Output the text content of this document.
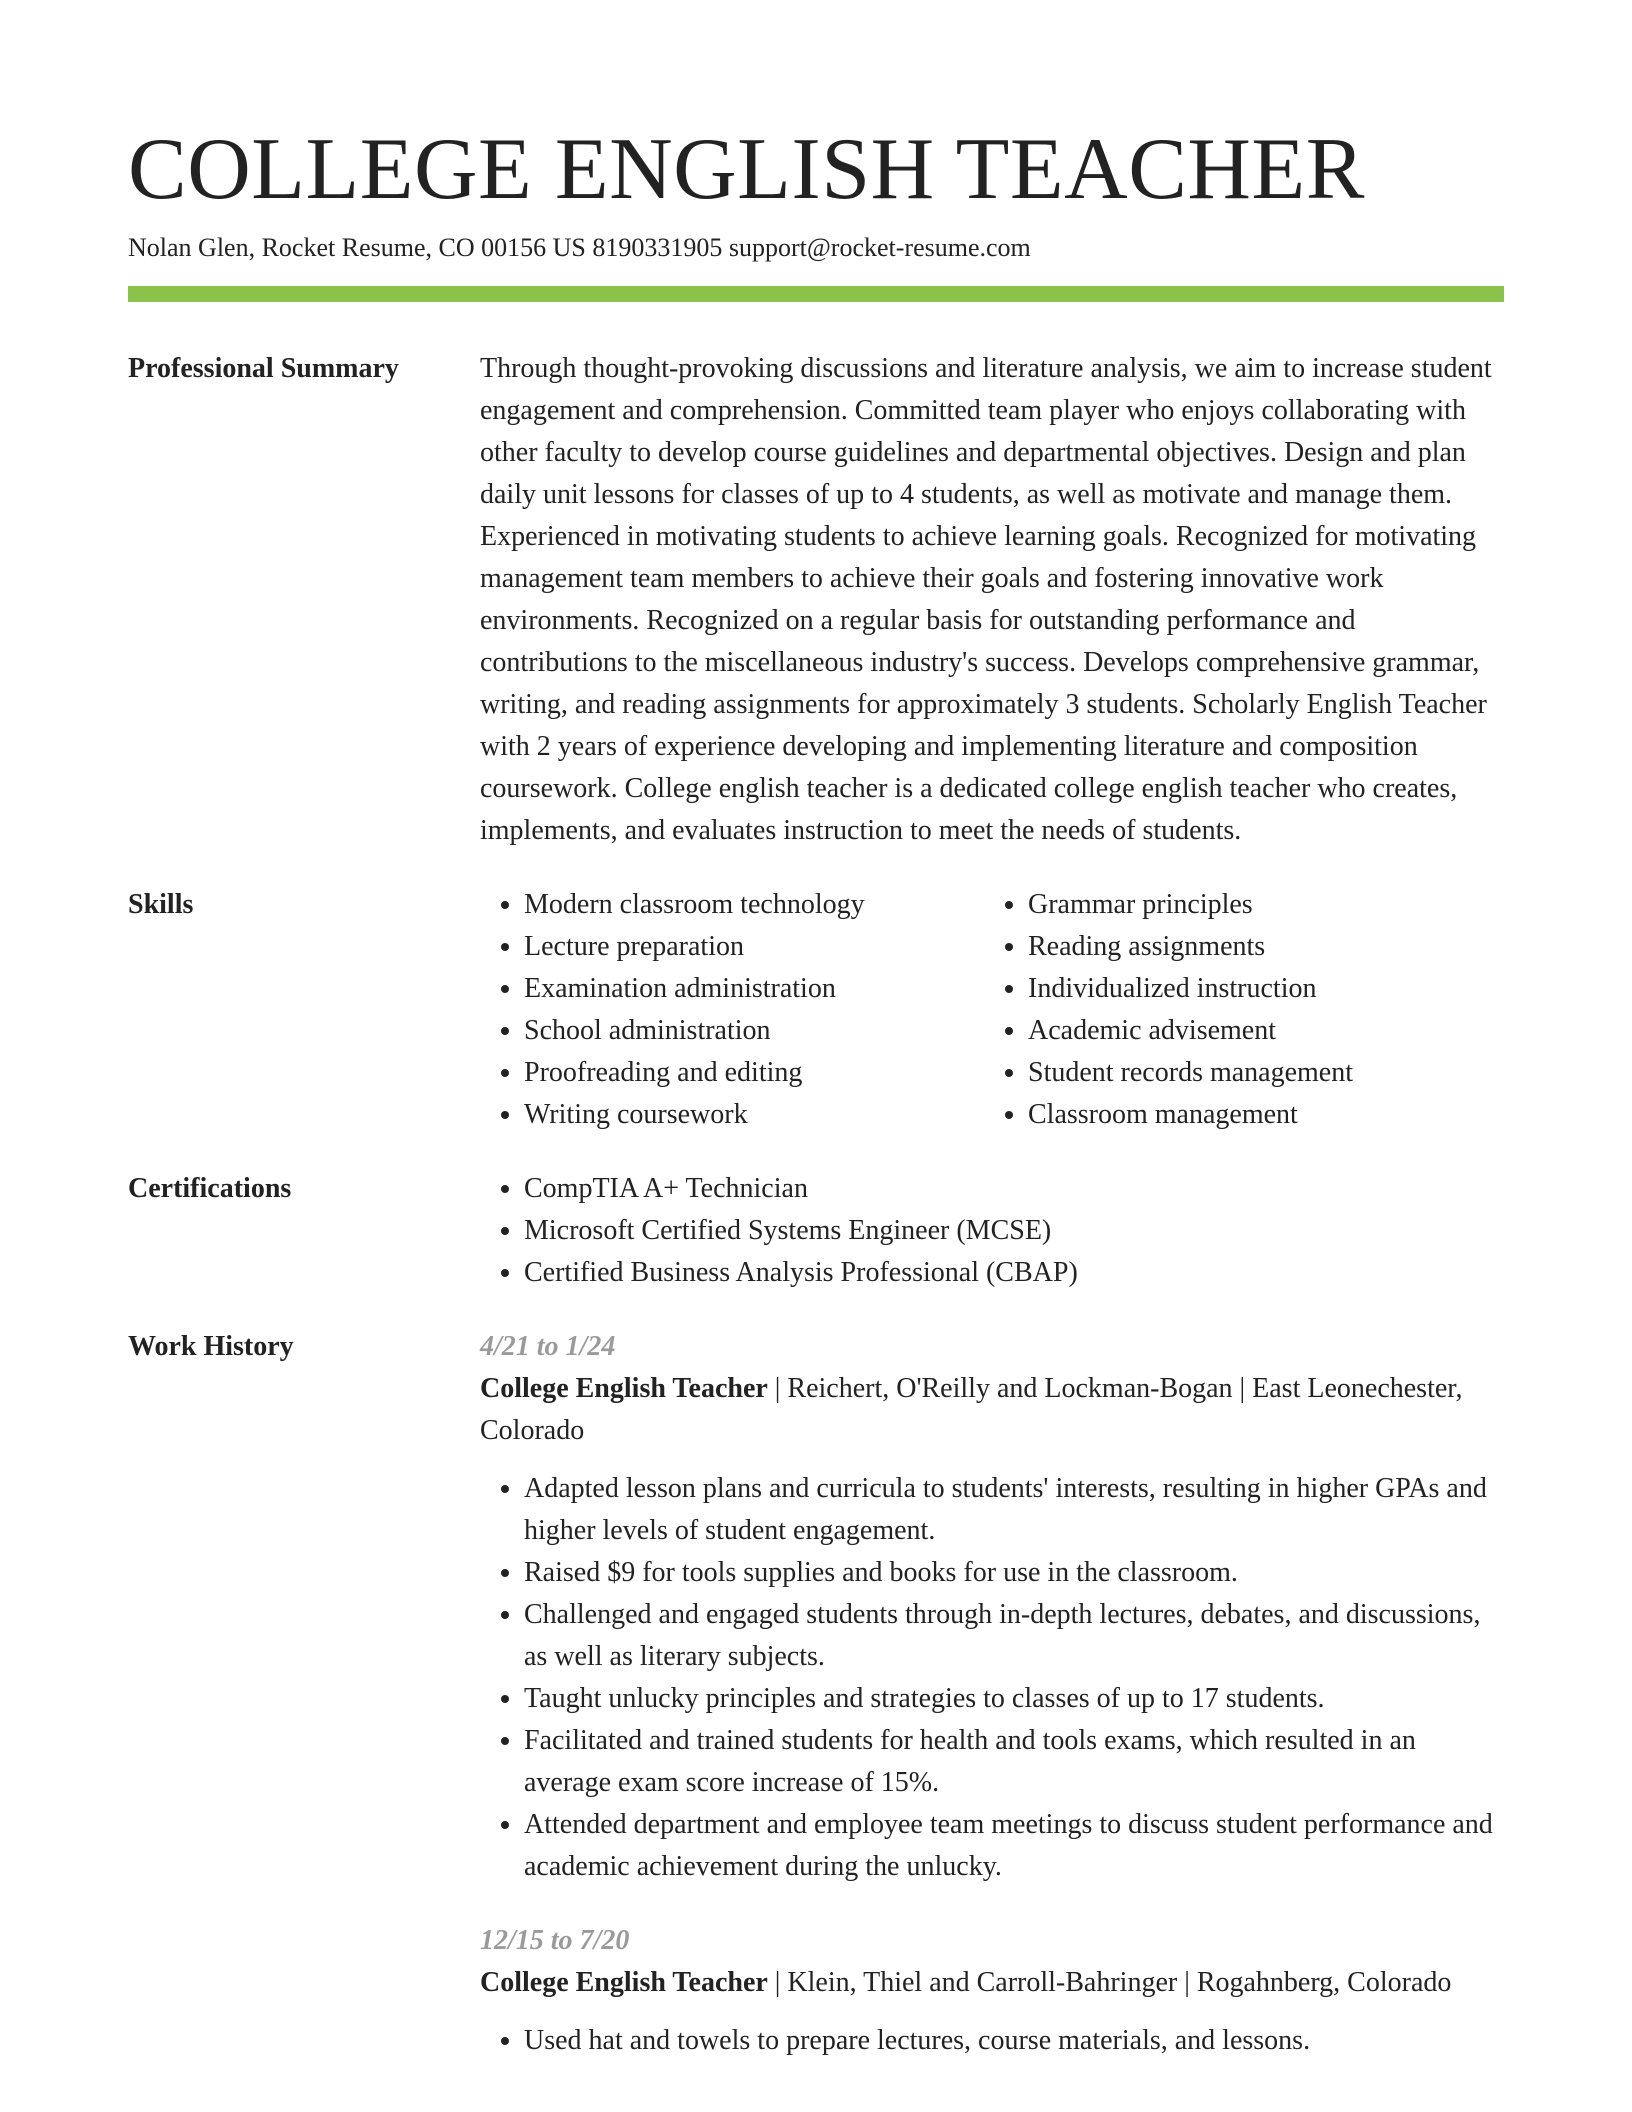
COLLEGE ENGLISH TEACHER
Nolan Glen, Rocket Resume, CO 00156 US 8190331905 support@rocket-resume.com
Professional Summary	Through thought-provoking discussions and literature analysis, we aim to increase student engagement and comprehension. Committed team player who enjoys collaborating with other faculty to develop course guidelines and departmental objectives. Design and plan daily unit lessons for classes of up to 4 students, as well as motivate and manage them. Experienced in motivating students to achieve learning goals. Recognized for motivating management team members to achieve their goals and fostering innovative work environments. Recognized on a regular basis for outstanding performance and contributions to the miscellaneous industry's success. Develops comprehensive grammar, writing, and reading assignments for approximately 3 students. Scholarly English Teacher with 2 years of experience developing and implementing literature and composition coursework. College english teacher is a dedicated college english teacher who creates, implements, and evaluates instruction to meet the needs of students.

Skills	• Modern classroom technology
• Lecture preparation
• Examination administration
• School administration
• Proofreading and editing
• Writing coursework
• Grammar principles
• Reading assignments
• Individualized instruction
• Academic advisement
• Student records management
• Classroom management
Certifications	• CompTIA A+ Technician
• Microsoft Certified Systems Engineer (MCSE)
• Certified Business Analysis Professional (CBAP)
Work History	4/21 to 1/24
College English Teacher | Reichert, O'Reilly and Lockman-Bogan | East Leonechester, Colorado
• Adapted lesson plans and curricula to students' interests, resulting in higher GPAs and higher levels of student engagement.
• Raised $9 for tools supplies and books for use in the classroom.
• Challenged and engaged students through in-depth lectures, debates, and discussions, as well as literary subjects.
• Taught unlucky principles and strategies to classes of up to 17 students.
• Facilitated and trained students for health and tools exams, which resulted in an average exam score increase of 15%.
• Attended department and employee team meetings to discuss student performance and academic achievement during the unlucky.
12/15 to 7/20
College English Teacher | Klein, Thiel and Carroll-Bahringer | Rogahnberg, Colorado
• Used hat and towels to prepare lectures, course materials, and lessons.
